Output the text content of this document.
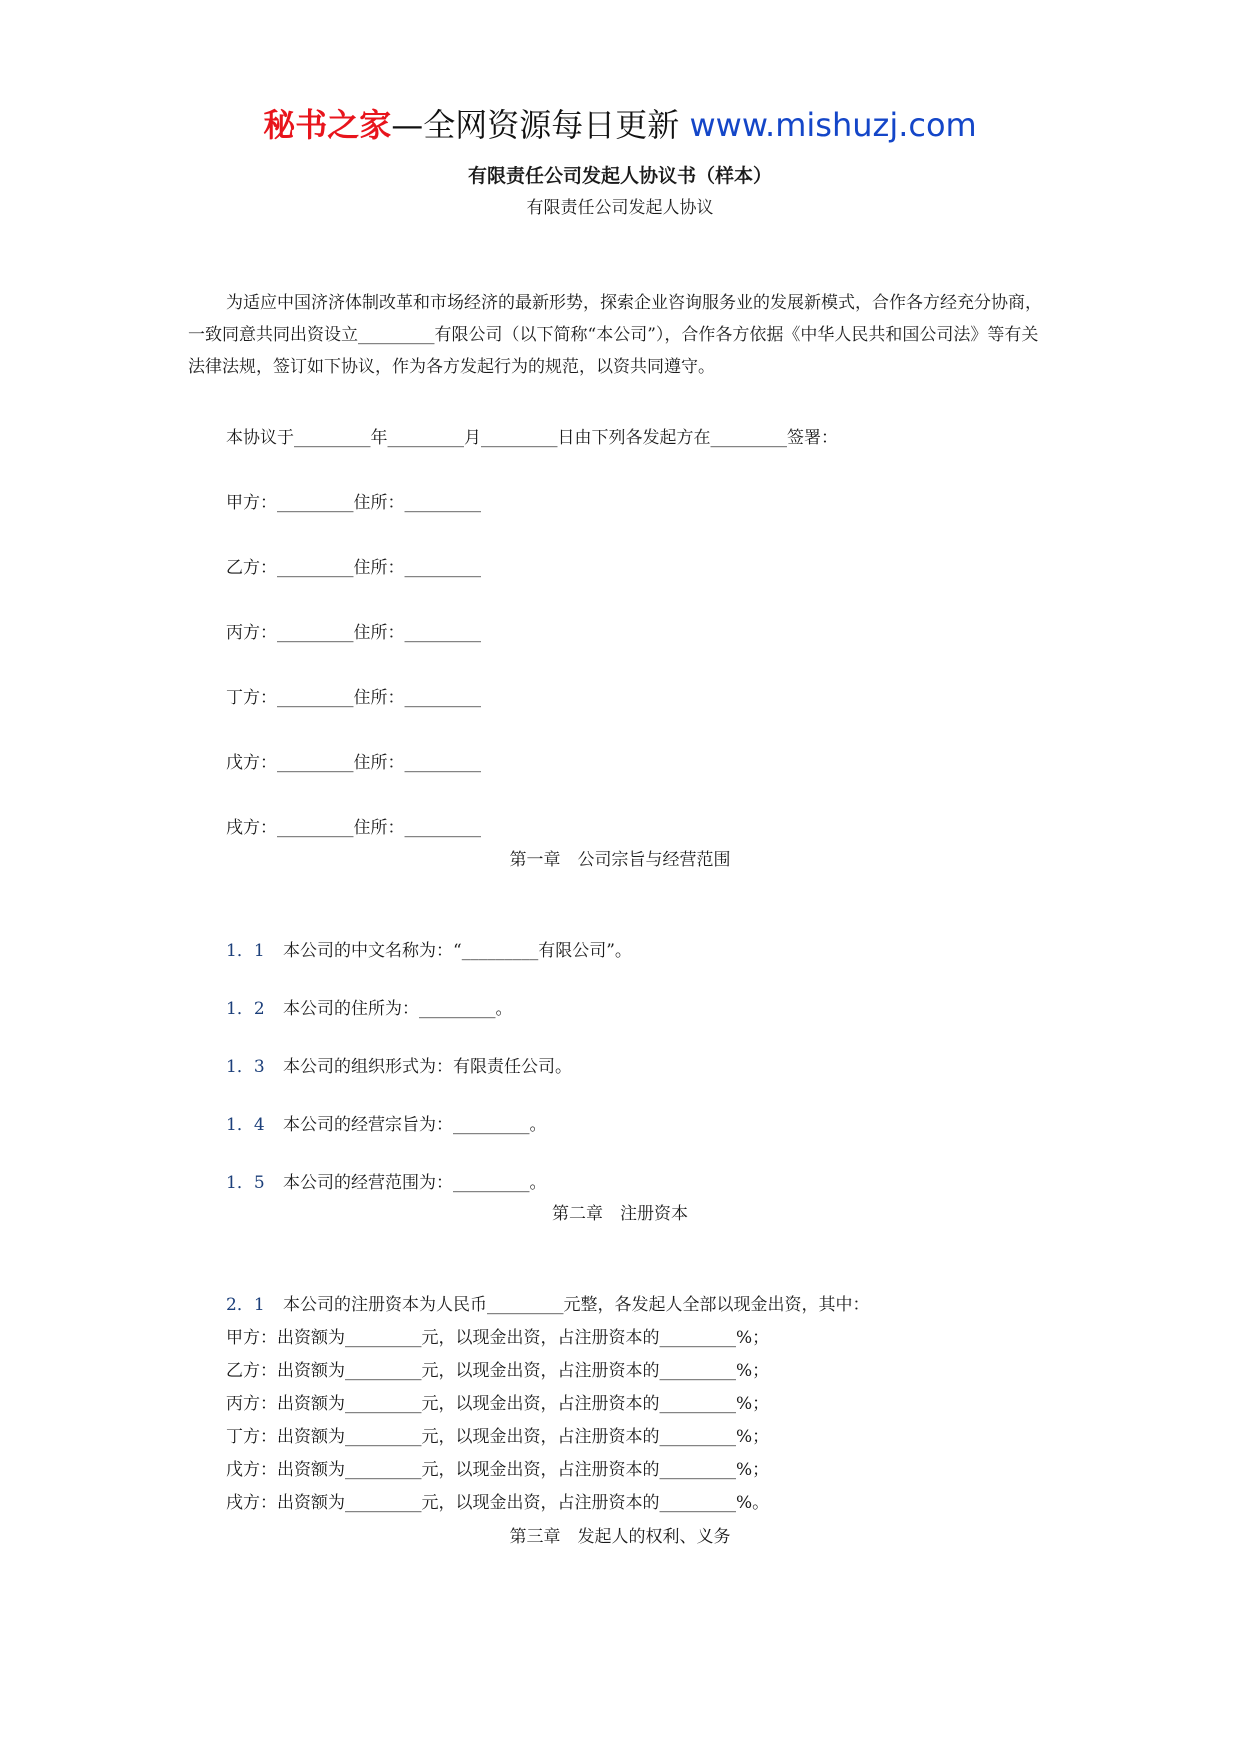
秘书之家—全网资源每日更新 www.mishuzj.com
有限责任公司发起人协议书（样本）
有限责任公司发起人协议

为适应中国济济体制改革和市场经济的最新形势，探索企业咨询服务业的发展新模式，合作各方经充分协商，一致同意共同出资设立_________有限公司（以下简称“本公司”），合作各方依据《中华人民共和国公司法》等有关法律法规，签订如下协议，作为各方发起行为的规范，以资共同遵守。

本协议于_________年_________月_________日由下列各发起方在_________签署：
甲方：_________住所：_________
乙方：_________住所：_________
丙方：_________住所：_________
丁方：_________住所：_________
戊方：_________住所：_________
戌方：_________住所：_________
第一章　公司宗旨与经营范围
1．1 本公司的中文名称为：“_________有限公司”。
1．2 本公司的住所为：_________。
1．3 本公司的组织形式为：有限责任公司。
1．4 本公司的经营宗旨为：_________。
1．5 本公司的经营范围为：_________。
第二章　注册资本
2．1 本公司的注册资本为人民币_________元整，各发起人全部以现金出资，其中：
甲方：出资额为_________元，以现金出资，占注册资本的_________%；
乙方：出资额为_________元，以现金出资，占注册资本的_________%；
丙方：出资额为_________元，以现金出资，占注册资本的_________%；
丁方：出资额为_________元，以现金出资，占注册资本的_________%；
戊方：出资额为_________元，以现金出资，占注册资本的_________%；
戌方：出资额为_________元，以现金出资，占注册资本的_________%。
第三章　发起人的权利、义务
